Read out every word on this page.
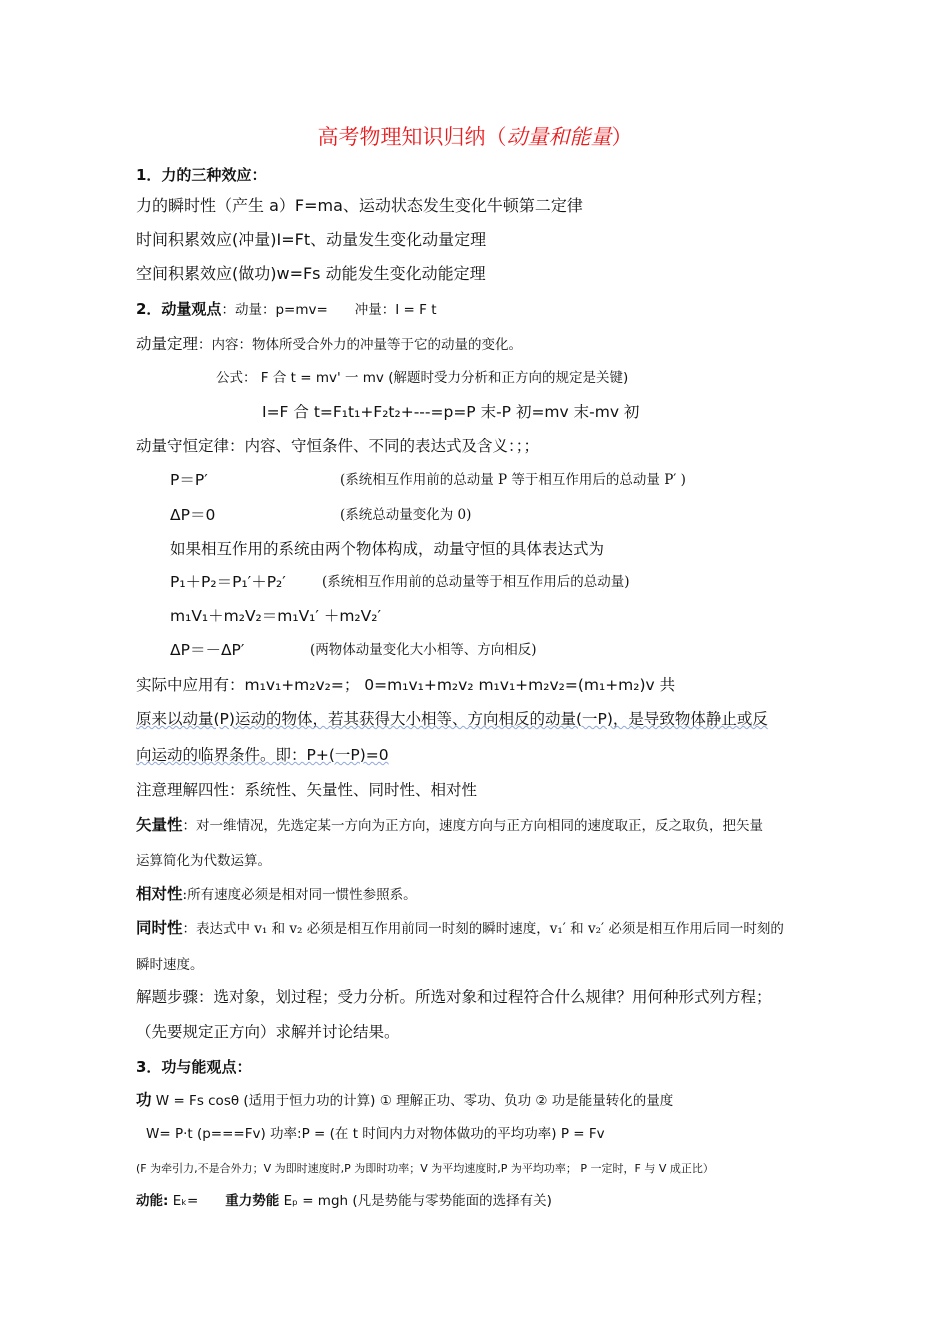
高考物理知识归纳（动量和能量）
1．力的三种效应：
力的瞬时性（产生 a）F=ma、运动状态发生变化牛顿第二定律
时间积累效应(冲量)I=Ft、动量发生变化动量定理
空间积累效应(做功)w=Fs 动能发生变化动能定理
2．动量观点：动量：p=mv=　　冲量：I = F t
动量定理：内容：物体所受合外力的冲量等于它的动量的变化。
公式： F 合 t = mv' 一 mv (解题时受力分析和正方向的规定是关键)
I=F 合 t=F₁t₁+F₂t₂+---=p=P 末-P 初=mv 末-mv 初
动量守恒定律：内容、守恒条件、不同的表达式及含义：；；
P＝P′	(系统相互作用前的总动量 P 等于相互作用后的总动量 P′ )
ΔP＝0	(系统总动量变化为 0)
如果相互作用的系统由两个物体构成，动量守恒的具体表达式为
P₁＋P₂＝P₁′＋P₂′	(系统相互作用前的总动量等于相互作用后的总动量)
m₁V₁＋m₂V₂＝m₁V₁′ ＋m₂V₂′
ΔP＝－ΔP′	(两物体动量变化大小相等、方向相反)
实际中应用有：m₁v₁+m₂v₂=； 0=m₁v₁+m₂v₂ m₁v₁+m₂v₂=(m₁+m₂)v 共
原来以动量(P)运动的物体，若其获得大小相等、方向相反的动量(一P)，是导致物体静止或反
向运动的临界条件。即：P+(一P)=0
注意理解四性：系统性、矢量性、同时性、相对性
矢量性：对一维情况，先选定某一方向为正方向，速度方向与正方向相同的速度取正，反之取负，把矢量
运算简化为代数运算。
相对性:所有速度必须是相对同一惯性参照系。
同时性：表达式中 v₁ 和 v₂ 必须是相互作用前同一时刻的瞬时速度，v₁′ 和 v₂′ 必须是相互作用后同一时刻的
瞬时速度。
解题步骤：选对象，划过程；受力分析。所选对象和过程符合什么规律？用何种形式列方程；
（先要规定正方向）求解并讨论结果。
3．功与能观点：
功 W = Fs cosθ (适用于恒力功的计算) ① 理解正功、零功、负功 ② 功是能量转化的量度
W= P·t (p===Fv) 功率:P = (在 t 时间内力对物体做功的平均功率) P = Fv
(F 为牵引力,不是合外力；V 为即时速度时,P 为即时功率；V 为平均速度时,P 为平均功率； P 一定时，F 与 V 成正比）
动能: Eₖ=　　重力势能 Eₚ = mgh (凡是势能与零势能面的选择有关)
